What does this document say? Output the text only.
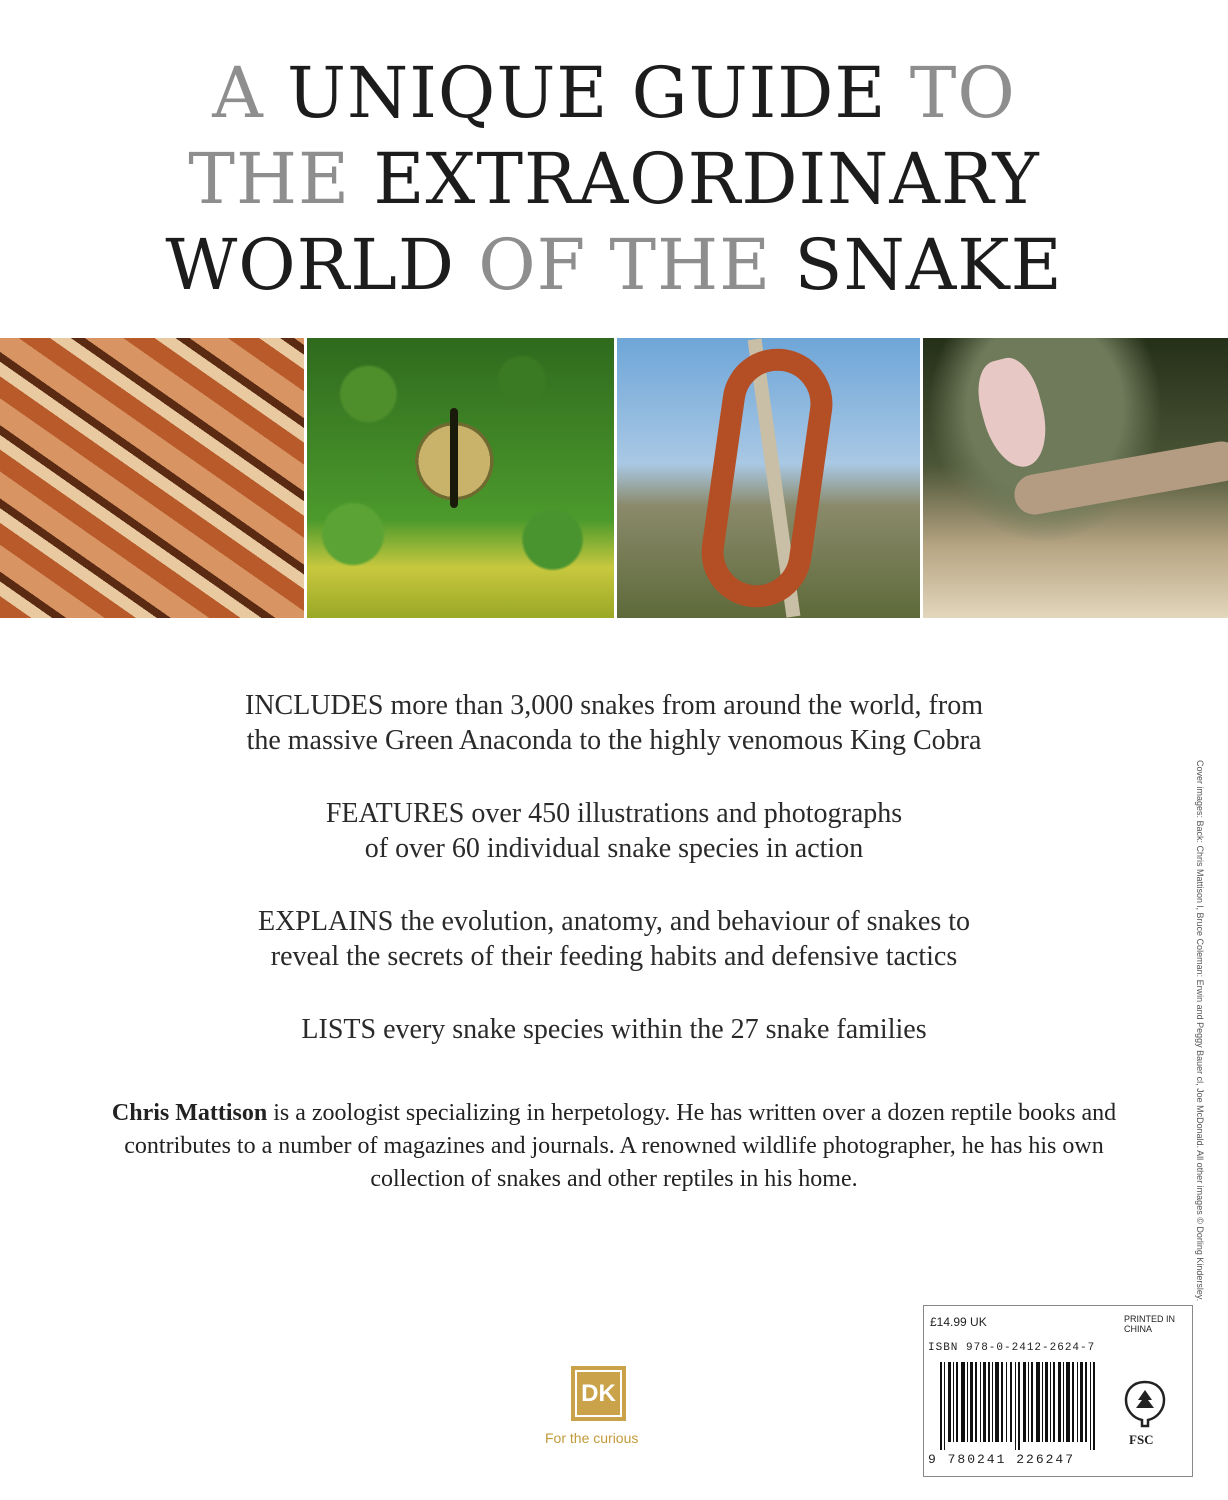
A UNIQUE GUIDE TO
THE EXTRAORDINARY
WORLD OF THE SNAKE

INCLUDES more than 3,000 snakes from around the world, from

the massive Green Anaconda to the highly venomous King Cobra

FEATURES over 450 illustrations and photographs

of over 60 individual snake species in action

EXPLAINS the evolution, anatomy, and behaviour of snakes to

reveal the secrets of their feeding habits and defensive tactics

LISTS every snake species within the 27 snake families

Chris Mattison is a zoologist specializing in herpetology. He has written over a dozen reptile books and contributes to a number of magazines and journals. A renowned wildlife photographer, he has his own collection of snakes and other reptiles in his home.	Cover images: Back: Chris Mattison l, Bruce Coleman: Erwin and Peggy Bauer cl, Joe McDonald. All other images © Dorling Kindersley.
DK
For the curious
£14.99 UK	PRINTED IN CHINA
ISBN 978-0-2412-2624-7
9 780241 226247
FSC
